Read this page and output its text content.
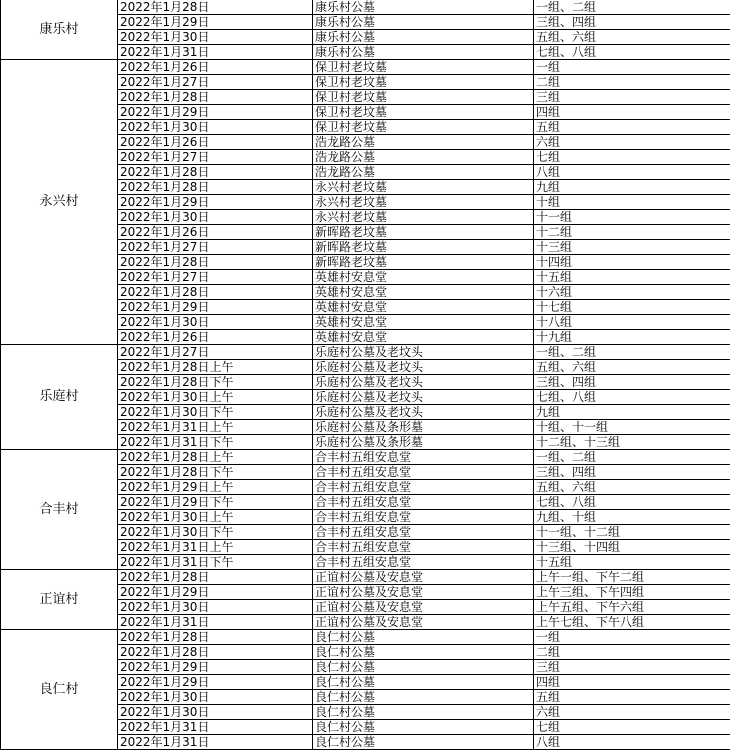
康乐村	2022年1月28日	康乐村公墓	一组、二组
	2022年1月29日	康乐村公墓	三组、四组
	2022年1月30日	康乐村公墓	五组、六组
	2022年1月31日	康乐村公墓	七组、八组
永兴村	2022年1月26日	保卫村老坟墓	一组
	2022年1月27日	保卫村老坟墓	二组
	2022年1月28日	保卫村老坟墓	三组
	2022年1月29日	保卫村老坟墓	四组
	2022年1月30日	保卫村老坟墓	五组
	2022年1月26日	浩龙路公墓	六组
	2022年1月27日	浩龙路公墓	七组
	2022年1月28日	浩龙路公墓	八组
	2022年1月28日	永兴村老坟墓	九组
	2022年1月29日	永兴村老坟墓	十组
	2022年1月30日	永兴村老坟墓	十一组
	2022年1月26日	新晖路老坟墓	十二组
	2022年1月27日	新晖路老坟墓	十三组
	2022年1月28日	新晖路老坟墓	十四组
	2022年1月27日	英雄村安息堂	十五组
	2022年1月28日	英雄村安息堂	十六组
	2022年1月29日	英雄村安息堂	十七组
	2022年1月30日	英雄村安息堂	十八组
	2022年1月26日	英雄村安息堂	十九组
乐庭村	2022年1月27日	乐庭村公墓及老坟头	一组、二组
	2022年1月28日上午	乐庭村公墓及老坟头	五组、六组
	2022年1月28日下午	乐庭村公墓及老坟头	三组、四组
	2022年1月30日上午	乐庭村公墓及老坟头	七组、八组
	2022年1月30日下午	乐庭村公墓及老坟头	九组
	2022年1月31日上午	乐庭村公墓及条形墓	十组、十一组
	2022年1月31日下午	乐庭村公墓及条形墓	十二组、十三组
合丰村	2022年1月28日上午	合丰村五组安息堂	一组、二组
	2022年1月28日下午	合丰村五组安息堂	三组、四组
	2022年1月29日上午	合丰村五组安息堂	五组、六组
	2022年1月29日下午	合丰村五组安息堂	七组、八组
	2022年1月30日上午	合丰村五组安息堂	九组、十组
	2022年1月30日下午	合丰村五组安息堂	十一组、十二组
	2022年1月31日上午	合丰村五组安息堂	十三组、十四组
	2022年1月31日下午	合丰村五组安息堂	十五组
正谊村	2022年1月28日	正谊村公墓及安息堂	上午一组、下午二组
	2022年1月29日	正谊村公墓及安息堂	上午三组、下午四组
	2022年1月30日	正谊村公墓及安息堂	上午五组、下午六组
	2022年1月31日	正谊村公墓及安息堂	上午七组、下午八组
良仁村	2022年1月28日	良仁村公墓	一组
	2022年1月28日	良仁村公墓	二组
	2022年1月29日	良仁村公墓	三组
	2022年1月29日	良仁村公墓	四组
	2022年1月30日	良仁村公墓	五组
	2022年1月30日	良仁村公墓	六组
	2022年1月31日	良仁村公墓	七组
	2022年1月31日	良仁村公墓	八组
